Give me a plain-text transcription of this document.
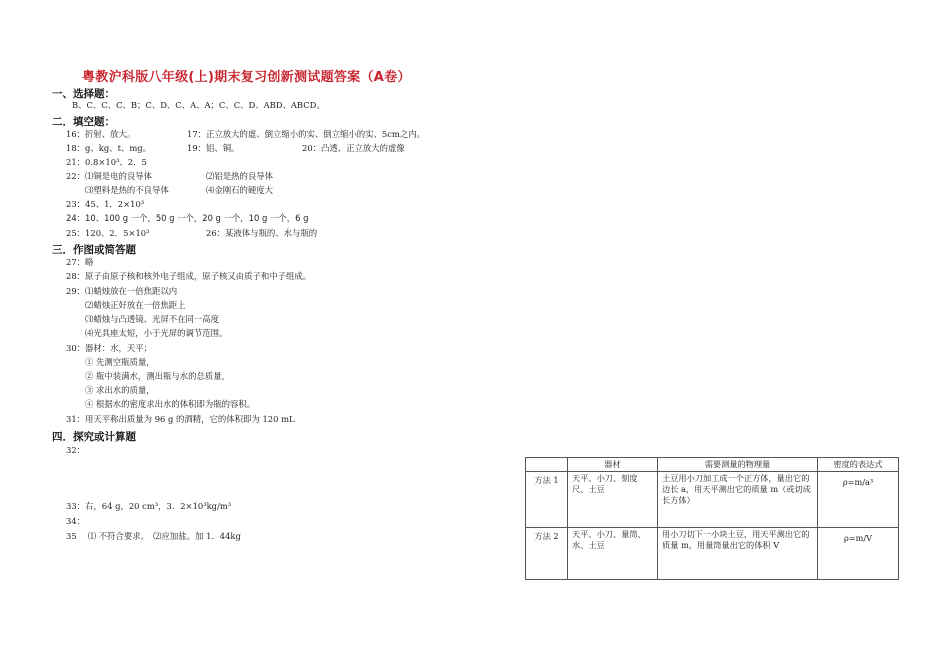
粤教沪科版八年级(上)期末复习创新测试题答案（A卷）
一、选择题：
B、C、C、C、B；C、D、C、A、A；C、C、D、ABD、ABCD。
二．填空题：
16：折射、放大。	17：正立放大的虚、倒立缩小的实、倒立缩小的实、5cm之内。
18：g、kg、t、mg。	19：铝、铜。	20：凸透、正立放大的虚像
21：0.8×10³、2．5
22：⑴铜是电的良导体	⑵铝是热的良导体
⑶塑料是热的不良导体	⑷金刚石的硬度大
23：45、1．2×10³
24：10、100 g 一个，50 g 一个，20 g 一个，10 g 一个，6 g
25：120、2．5×10³	26：某液体与瓶的、水与瓶的
三．作图或简答题
27：略
28：原子由原子核和核外电子组成，原子核又由质子和中子组成。
29：⑴蜡烛放在一倍焦距以内
⑵蜡烛正好放在一倍焦距上
⑶蜡烛与凸透镜、光屏不在同一高度
⑷光具座太短，小于光屏的调节范围。
30：器材：水，天平；
① 先测空瓶质量，
② 瓶中装满水，测出瓶与水的总质量，
③ 求出水的质量，
④ 根据水的密度求出水的体积即为瓶的容积。
31：用天平称出质量为 96 g 的酒精，它的体积即为 120 mL
四．探究或计算题
32：
33：右，64 g，20 cm³，3．2×10³kg/m³
34：
35　 ⑴ 不符合要求。　⑵应加盐。加 1．44kg
	器材	需要测量的物理量	密度的表达式
方法 1	天平、小刀、刻度尺、土豆	土豆用小刀加工成一个正方体，量出它的边长 a，用天平测出它的质量 m（或切成长方体）	ρ=m/a³
方法 2	天平、小刀、量筒、水、土豆	用小刀切下一小块土豆，用天平测出它的质量 m，用量筒量出它的体积 V	ρ=m/V
